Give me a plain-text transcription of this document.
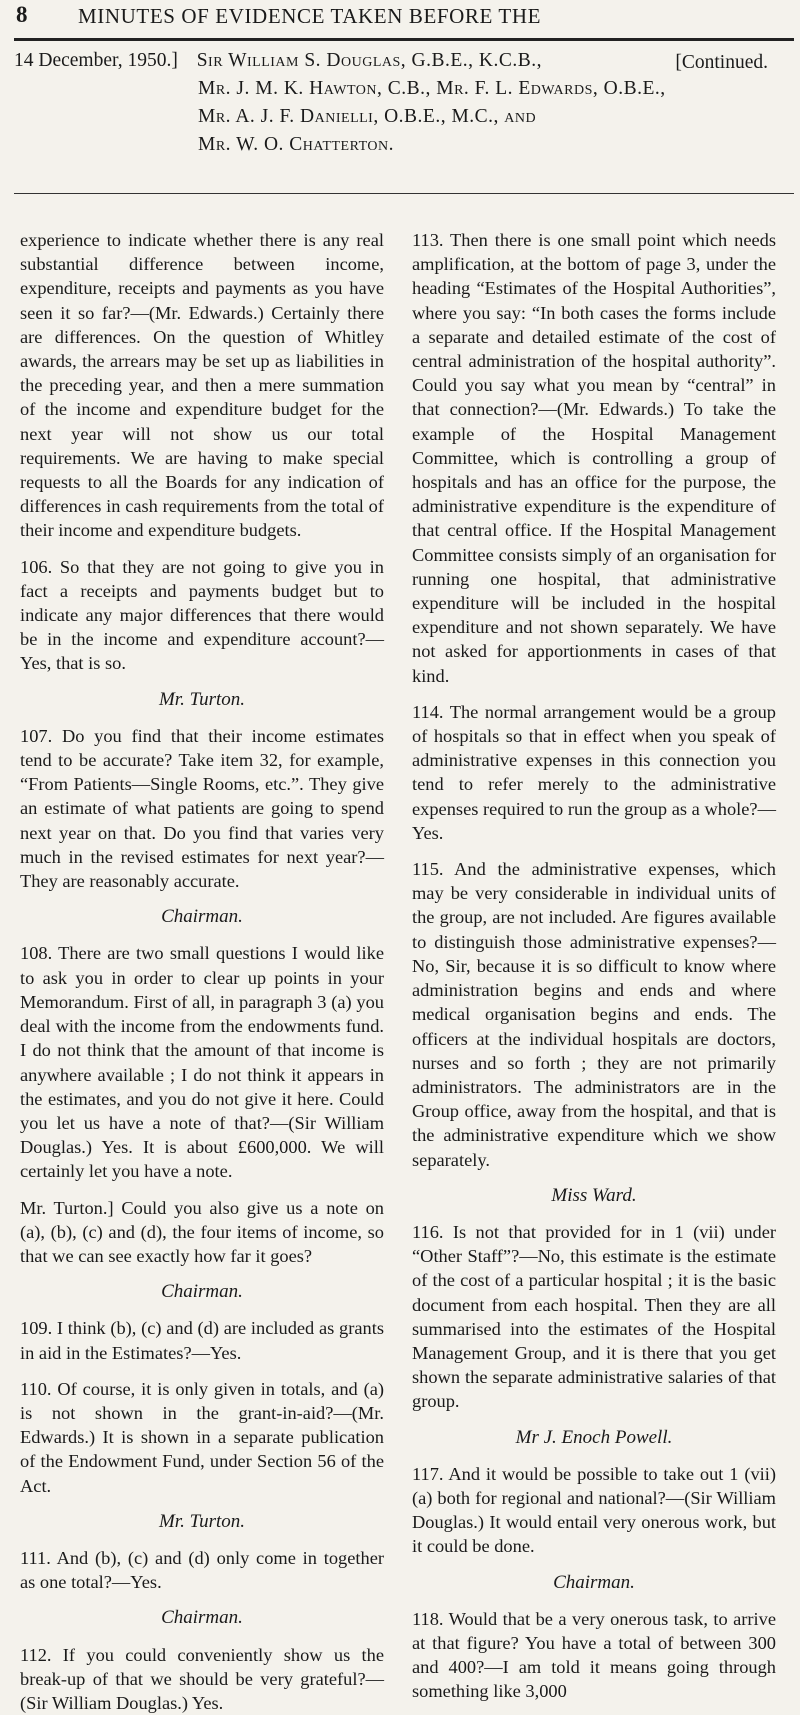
8 MINUTES OF EVIDENCE TAKEN BEFORE THE
14 December, 1950.] Sir William S. Douglas, G.B.E., K.C.B.,	[Continued.
Mr. J. M. K. Hawton, C.B., Mr. F. L. Edwards, O.B.E.,
Mr. A. J. F. Danielli, O.B.E., M.C., and
Mr. W. O. Chatterton.

experience to indicate whether there is any real substantial difference between income, expenditure, receipts and payments as you have seen it so far?—(Mr. Edwards.) Certainly there are differences. On the question of Whitley awards, the arrears may be set up as liabilities in the preceding year, and then a mere summation of the income and expenditure budget for the next year will not show us our total requirements. We are having to make special requests to all the Boards for any indication of differences in cash requirements from the total of their income and expenditure budgets.

106. So that they are not going to give you in fact a receipts and payments budget but to indicate any major differences that there would be in the income and expenditure account?—Yes, that is so.

Mr. Turton.

107. Do you find that their income estimates tend to be accurate? Take item 32, for example, “From Patients—Single Rooms, etc.”. They give an estimate of what patients are going to spend next year on that. Do you find that varies very much in the revised estimates for next year?—They are reasonably accurate.

Chairman.

108. There are two small questions I would like to ask you in order to clear up points in your Memorandum. First of all, in paragraph 3 (a) you deal with the income from the endowments fund. I do not think that the amount of that income is anywhere available ; I do not think it appears in the estimates, and you do not give it here. Could you let us have a note of that?—(Sir William Douglas.) Yes. It is about £600,000. We will certainly let you have a note.

Mr. Turton.] Could you also give us a note on (a), (b), (c) and (d), the four items of income, so that we can see exactly how far it goes?

Chairman.

109. I think (b), (c) and (d) are included as grants in aid in the Estimates?—Yes.

110. Of course, it is only given in totals, and (a) is not shown in the grant-in-aid?—(Mr. Edwards.) It is shown in a separate publication of the Endowment Fund, under Section 56 of the Act.

Mr. Turton.

111. And (b), (c) and (d) only come in together as one total?—Yes.

Chairman.

112. If you could conveniently show us the break-up of that we should be very grateful?—(Sir William Douglas.) Yes.

113. Then there is one small point which needs amplification, at the bottom of page 3, under the heading “Estimates of the Hospital Authorities”, where you say: “In both cases the forms include a separate and detailed estimate of the cost of central administration of the hospital authority”. Could you say what you mean by “central” in that connection?—(Mr. Edwards.) To take the example of the Hospital Management Committee, which is controlling a group of hospitals and has an office for the purpose, the administrative expenditure is the expenditure of that central office. If the Hospital Management Committee consists simply of an organisation for running one hospital, that administrative expenditure will be included in the hospital expenditure and not shown separately. We have not asked for apportionments in cases of that kind.

114. The normal arrangement would be a group of hospitals so that in effect when you speak of administrative expenses in this connection you tend to refer merely to the administrative expenses required to run the group as a whole?—Yes.

115. And the administrative expenses, which may be very considerable in individual units of the group, are not included. Are figures available to distinguish those administrative expenses?—No, Sir, because it is so difficult to know where administration begins and ends and where medical organisation begins and ends. The officers at the individual hospitals are doctors, nurses and so forth ; they are not primarily administrators. The administrators are in the Group office, away from the hospital, and that is the administrative expenditure which we show separately.

Miss Ward.

116. Is not that provided for in 1 (vii) under “Other Staff”?—No, this estimate is the estimate of the cost of a particular hospital ; it is the basic document from each hospital. Then they are all summarised into the estimates of the Hospital Management Group, and it is there that you get shown the separate administrative salaries of that group.

Mr J. Enoch Powell.

117. And it would be possible to take out 1 (vii) (a) both for regional and national?—(Sir William Douglas.) It would entail very onerous work, but it could be done.

Chairman.

118. Would that be a very onerous task, to arrive at that figure? You have a total of between 300 and 400?—I am told it means going through something like 3,000
